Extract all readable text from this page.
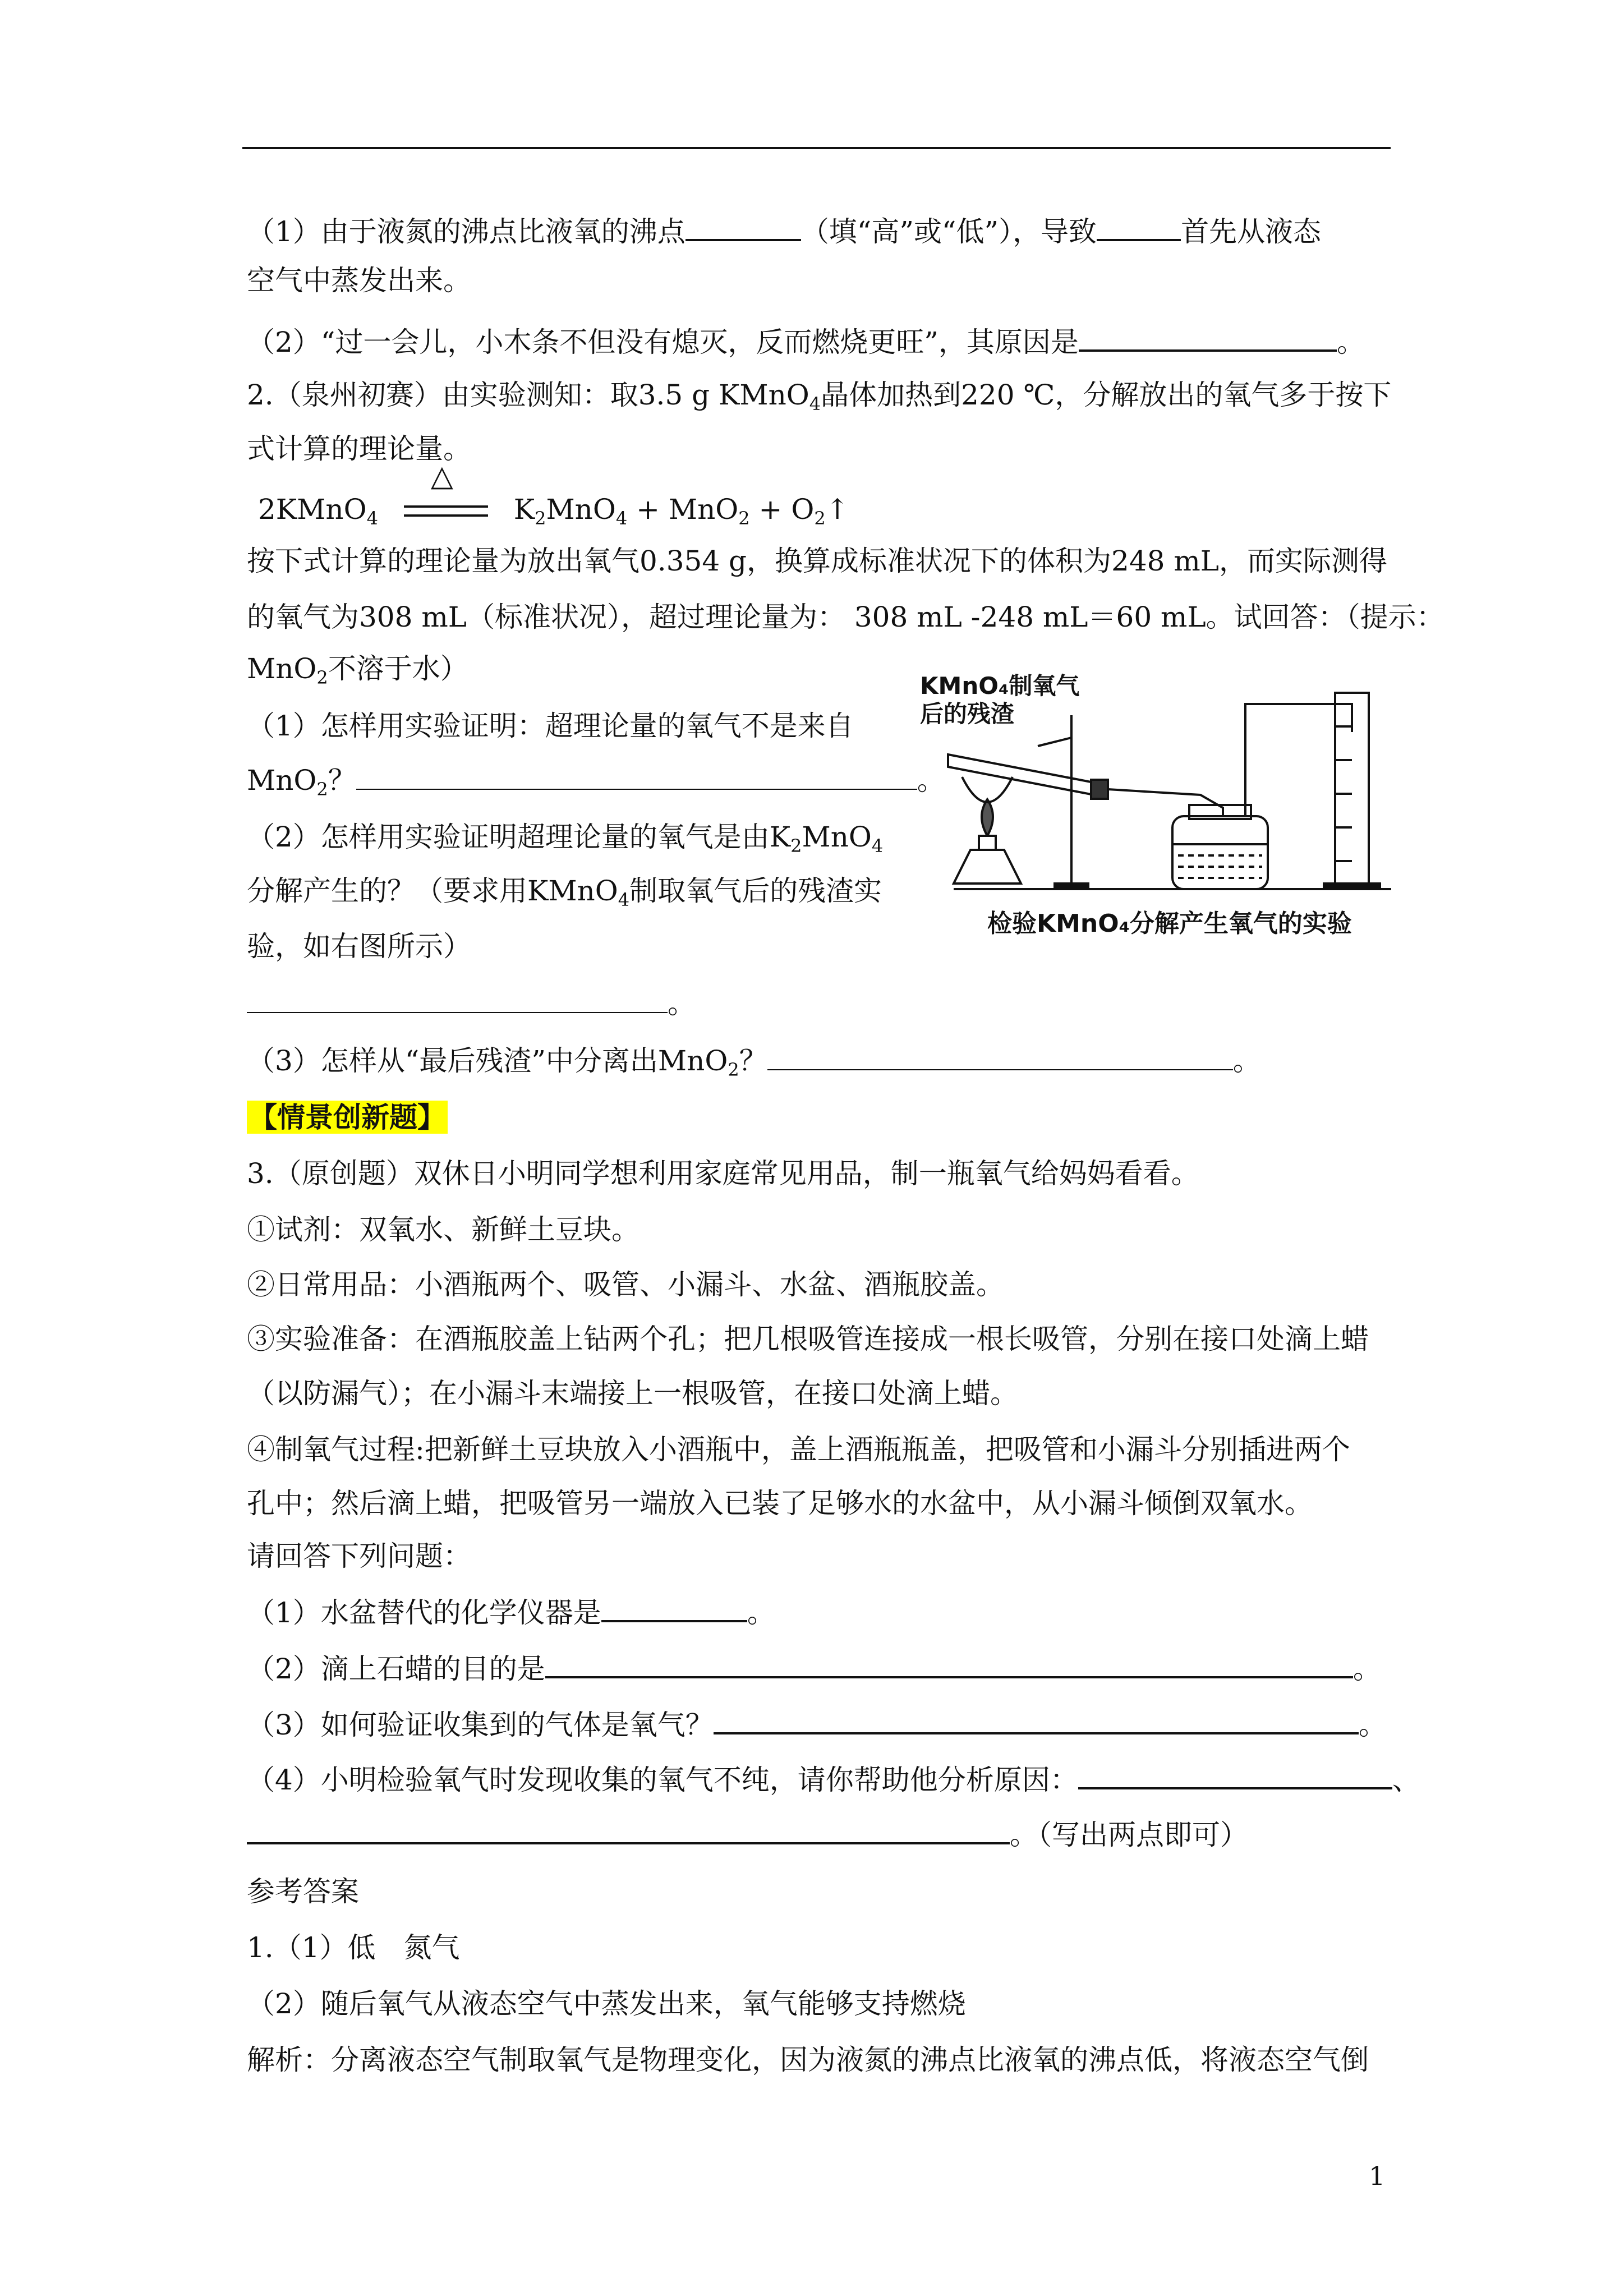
（1）由于液氮的沸点比液氧的沸点	（填“高”或“低”），导致	首先从液态
空气中蒸发出来。
（2）“过一会儿，小木条不但没有熄灭，反而燃烧更旺”，其原因是	。
2.（泉州初赛）由实验测知：取3.5 g KMnO$_4$晶体加热到220 ℃，分解放出的氧气多于按下
式计算的理论量。
2KMnO$_4$
△
$K_2MnO_4 + MnO_2$ + $O_2↑$
按下式计算的理论量为放出氧气0.354 g，换算成标准状况下的体积为248 mL，而实际测得
的氧气为308 mL（标准状况），超过理论量为： 308 mL -248 mL＝60 mL。试回答：（提示：
MnO$_2$不溶于水）
（1）怎样用实验证明：超理论量的氧气不是来自
MnO$_2$？	。
（2）怎样用实验证明超理论量的氧气是由$K_2MnO_4$
分解产生的？（要求用KMnO$_4$制取氧气后的残渣实
验，如右图所示）
。
（3）怎样从“最后残渣”中分离出MnO$_2$？	。
KMnO₄制氧气
后的残渣
检验KMnO₄分解产生氧气的实验
【情景创新题】
3.（原创题）双休日小明同学想利用家庭常见用品，制一瓶氧气给妈妈看看。
①试剂：双氧水、新鲜土豆块。
②日常用品：小酒瓶两个、吸管、小漏斗、水盆、酒瓶胶盖。
③实验准备：在酒瓶胶盖上钻两个孔；把几根吸管连接成一根长吸管，分别在接口处滴上蜡
（以防漏气）；在小漏斗末端接上一根吸管，在接口处滴上蜡。
④制氧气过程:把新鲜土豆块放入小酒瓶中，盖上酒瓶瓶盖，把吸管和小漏斗分别插进两个
孔中；然后滴上蜡，把吸管另一端放入已装了足够水的水盆中，从小漏斗倾倒双氧水。
请回答下列问题：
（1）水盆替代的化学仪器是	。
（2）滴上石蜡的目的是	。
（3）如何验证收集到的气体是氧气？	。
（4）小明检验氧气时发现收集的氧气不纯，请你帮助他分析原因：	、
。（写出两点即可）
参考答案
1.（1）低　氮气
（2）随后氧气从液态空气中蒸发出来，氧气能够支持燃烧
解析：分离液态空气制取氧气是物理变化，因为液氮的沸点比液氧的沸点低，将液态空气倒
1
